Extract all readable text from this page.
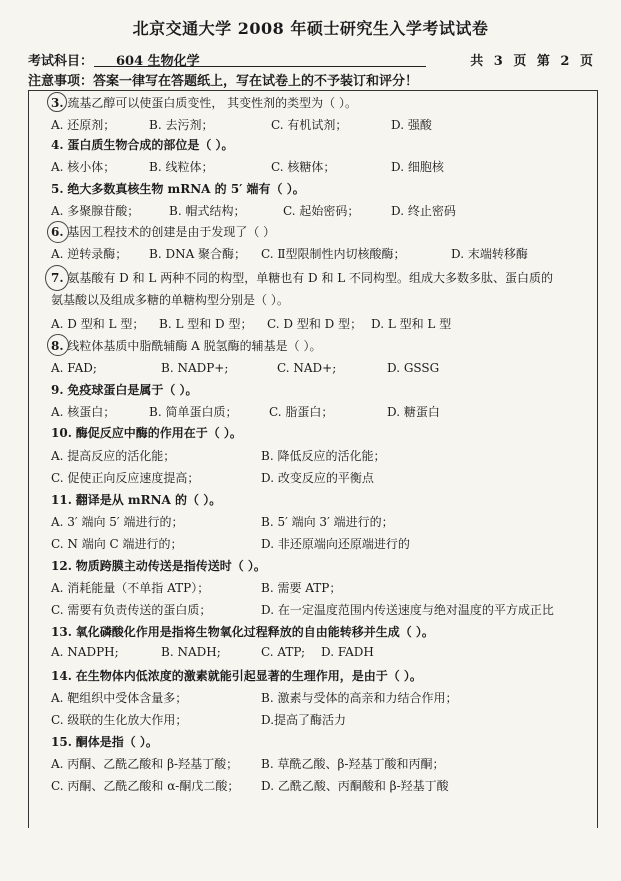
北京交通大学 2008 年硕士研究生入学考试试卷
考试科目：	604 生物化学	共 3 页 第 2 页
注意事项：答案一律写在答题纸上，写在试卷上的不予装订和评分！
3. 巯基乙醇可以使蛋白质变性， 其变性剂的类型为（ ）。
A. 还原剂；	B. 去污剂；	C. 有机试剂；	D. 强酸
4. 蛋白质生物合成的部位是（ ）。
A. 核小体；	B. 线粒体；	C. 核糖体；	D. 细胞核
5. 绝大多数真核生物 mRNA 的 5′ 端有（ ）。
A. 多聚腺苷酸； B. 帽式结构；	C. 起始密码；	D. 终止密码
6. 基因工程技术的创建是由于发现了（ ）
A. 逆转录酶； B. DNA 聚合酶； C. Ⅱ型限制性内切核酸酶；	D. 末端转移酶
7. 氨基酸有 D 和 L 两种不同的构型，单糖也有 D 和 L 不同构型。组成大多数多肽、蛋白质的
氨基酸以及组成多糖的单糖构型分别是（ ）。
A. D 型和 L 型； B. L 型和 D 型； C. D 型和 D 型； D. L 型和 L 型
8. 线粒体基质中脂酰辅酶 A 脱氢酶的辅基是（ ）。
A. FAD;	B. NADP+;	C. NAD+;	D. GSSG
9. 免疫球蛋白是属于（ ）。
A. 核蛋白；	B. 简单蛋白质；	C. 脂蛋白；	D. 糖蛋白
10. 酶促反应中酶的作用在于（ ）。
A. 提高反应的活化能；	B. 降低反应的活化能；
C. 促使正向反应速度提高；	D. 改变反应的平衡点
11. 翻译是从 mRNA 的（ ）。
A. 3′ 端向 5′ 端进行的；	B. 5′ 端向 3′ 端进行的；
C. N 端向 C 端进行的；	D. 非还原端向还原端进行的
12. 物质跨膜主动传送是指传送时（ ）。
A. 消耗能量（不单指 ATP）；	B. 需要 ATP；
C. 需要有负责传送的蛋白质；	D. 在一定温度范围内传送速度与绝对温度的平方成正比
13. 氧化磷酸化作用是指将生物氧化过程释放的自由能转移并生成（ ）。
A. NADPH;	B. NADH;	C. ATP; D. FADH
14. 在生物体内低浓度的激素就能引起显著的生理作用，是由于（ ）。
A. 靶组织中受体含量多；	B. 激素与受体的高亲和力结合作用；
C. 级联的生化放大作用；	D.提高了酶活力
15. 酮体是指（ ）。
A. 丙酮、乙酰乙酸和 β-羟基丁酸； B. 草酰乙酸、β-羟基丁酸和丙酮；
C. 丙酮、乙酰乙酸和 α-酮戊二酸； D. 乙酰乙酸、丙酮酸和 β-羟基丁酸
